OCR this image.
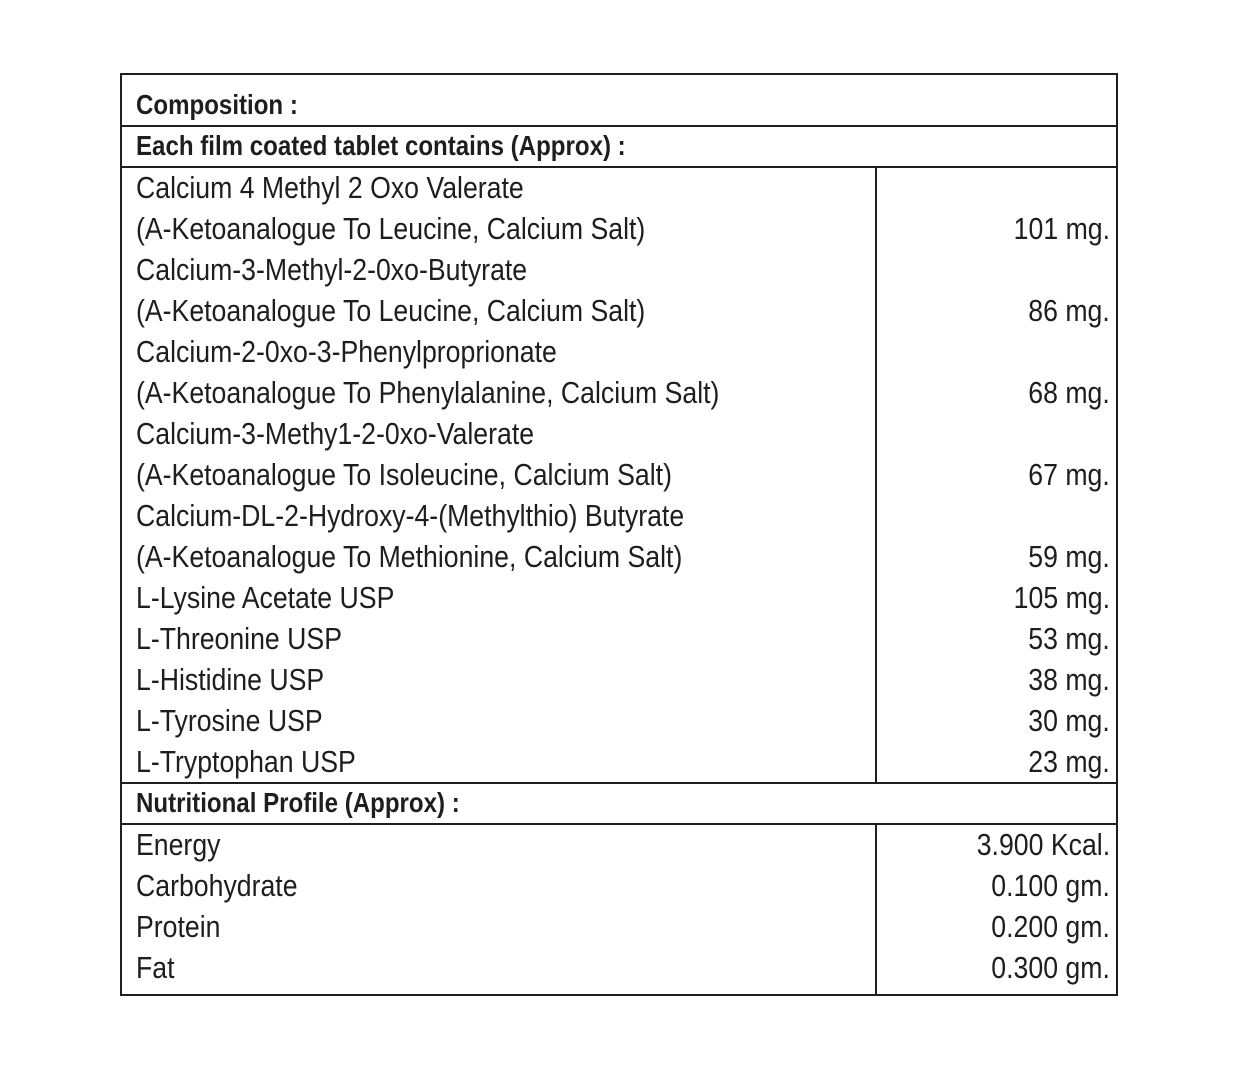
Composition :
Each film coated tablet contains (Approx) :
Calcium 4 Methyl 2 Oxo Valerate
(A-Ketoanalogue To Leucine, Calcium Salt)	101 mg.
Calcium-3-Methyl-2-0xo-Butyrate
(A-Ketoanalogue To Leucine, Calcium Salt)	86 mg.
Calcium-2-0xo-3-Phenylproprionate
(A-Ketoanalogue To Phenylalanine, Calcium Salt)	68 mg.
Calcium-3-Methy1-2-0xo-Valerate
(A-Ketoanalogue To Isoleucine, Calcium Salt)	67 mg.
Calcium-DL-2-Hydroxy-4-(Methylthio) Butyrate
(A-Ketoanalogue To Methionine, Calcium Salt)	59 mg.
L-Lysine Acetate USP	105 mg.
L-Threonine USP	53 mg.
L-Histidine USP	38 mg.
L-Tyrosine USP	30 mg.
L-Tryptophan USP	23 mg.
Nutritional Profile (Approx) :
Energy	3.900 Kcal.
Carbohydrate	0.100 gm.
Protein	0.200 gm.
Fat	0.300 gm.
